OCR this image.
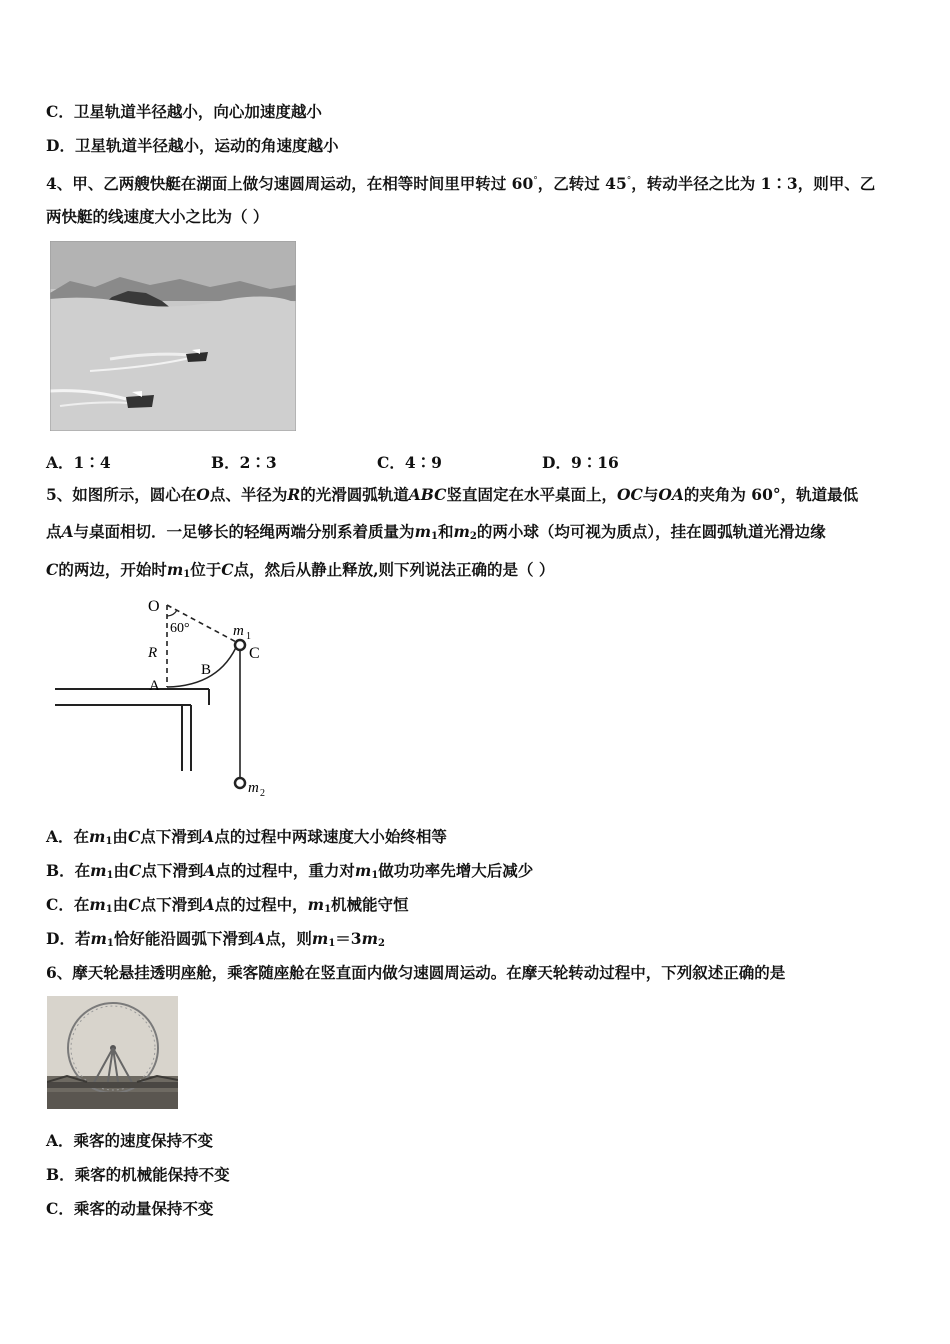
C．卫星轨道半径越小，向心加速度越小
D．卫星轨道半径越小，运动的角速度越小
4、甲、乙两艘快艇在湖面上做匀速圆周运动，在相等时间里甲转过 60°，乙转过 45°，转动半径之比为 1∶3，则甲、乙
两快艇的线速度大小之比为（ ）
A．1∶4	B．2∶3	C．4∶9	D．9∶16
5、如图所示，圆心在O点、半径为R的光滑圆弧轨道ABC竖直固定在水平桌面上，OC与OA的夹角为 60°，轨道最低
点A与桌面相切．一足够长的轻绳两端分别系着质量为$m_1$和$m_2$的两小球（均可视为质点），挂在圆弧轨道光滑边缘
C的两边，开始时$m_1$位于C点，然后从静止释放,则下列说法正确的是（ ）
O
60°	m 1
C
R
B
A
m 2
A．在$m_1$由C点下滑到A点的过程中两球速度大小始终相等
B．在$m_1$由C点下滑到A点的过程中，重力对$m_1$做功功率先增大后减少
C．在$m_1$由C点下滑到A点的过程中，$m_1$机械能守恒
D．若$m_1$恰好能沿圆弧下滑到A点，则$m_1=3m_2$
6、摩天轮悬挂透明座舱，乘客随座舱在竖直面内做匀速圆周运动。在摩天轮转动过程中，下列叙述正确的是
A．乘客的速度保持不变
B．乘客的机械能保持不变
C．乘客的动量保持不变
